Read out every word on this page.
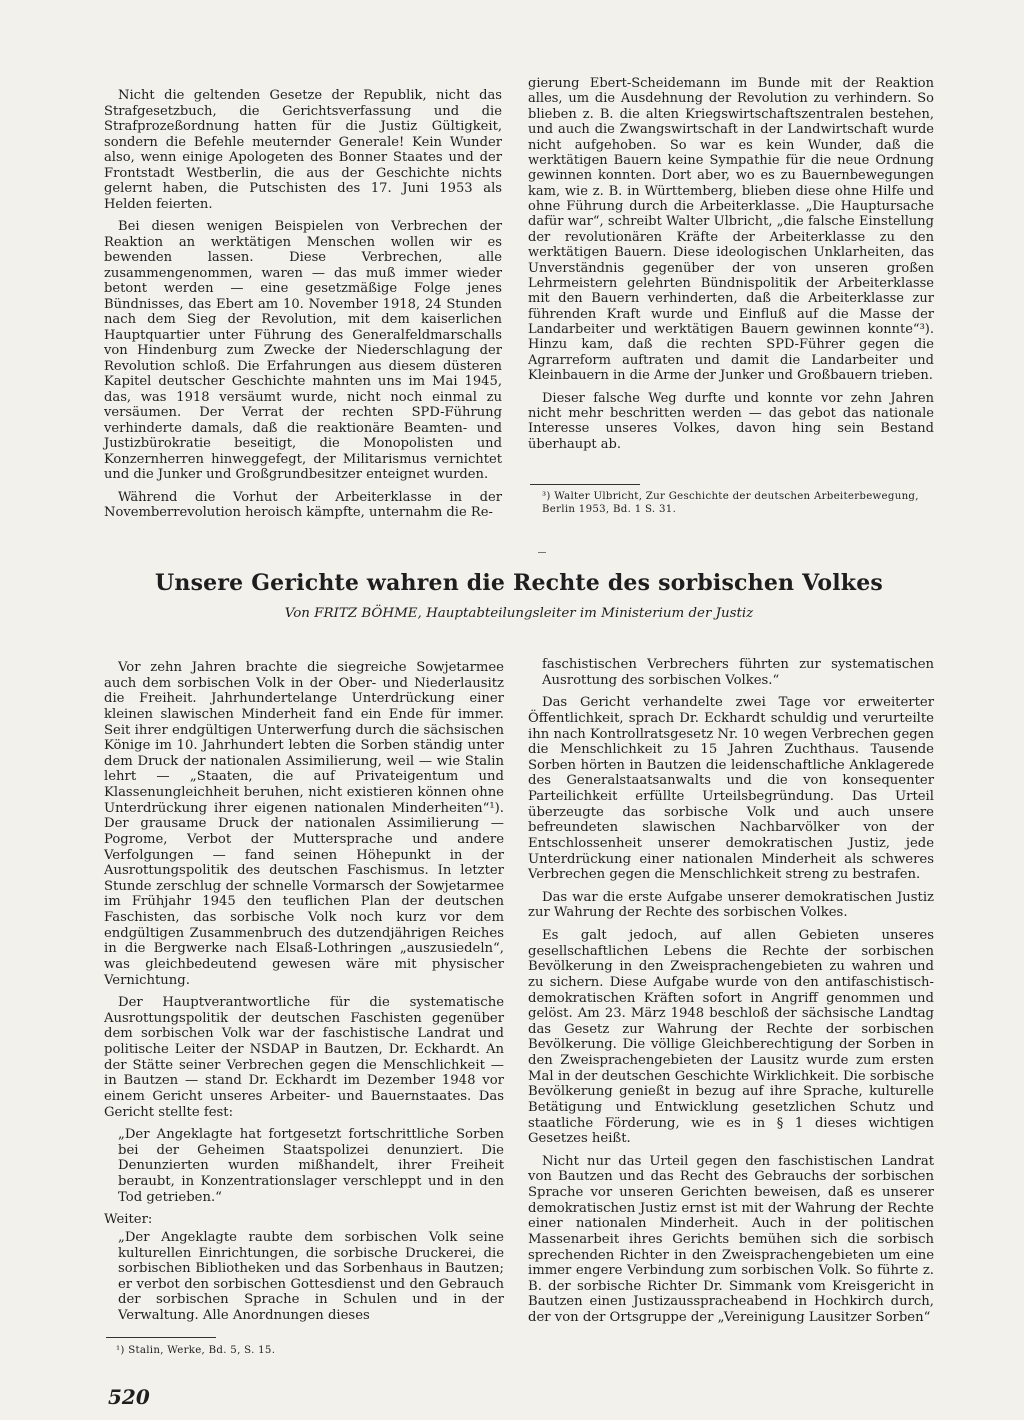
Nicht die geltenden Gesetze der Republik, nicht das Strafgesetzbuch, die Gerichtsverfassung und die Strafprozeßordnung hatten für die Justiz Gültigkeit, sondern die Befehle meuternder Generale! Kein Wunder also, wenn einige Apologeten des Bonner Staates und der Frontstadt Westberlin, die aus der Geschichte nichts gelernt haben, die Putschisten des 17. Juni 1953 als Helden feierten.

Bei diesen wenigen Beispielen von Verbrechen der Reaktion an werktätigen Menschen wollen wir es bewenden lassen. Diese Verbrechen, alle zusammengenommen, waren — das muß immer wieder betont werden — eine gesetzmäßige Folge jenes Bündnisses, das Ebert am 10. November 1918, 24 Stunden nach dem Sieg der Revolution, mit dem kaiserlichen Hauptquartier unter Führung des Generalfeldmarschalls von Hindenburg zum Zwecke der Niederschlagung der Revolution schloß. Die Erfahrungen aus diesem düsteren Kapitel deutscher Geschichte mahnten uns im Mai 1945, das, was 1918 versäumt wurde, nicht noch einmal zu versäumen. Der Verrat der rechten SPD-Führung verhinderte damals, daß die reaktionäre Beamten- und Justizbürokratie beseitigt, die Monopolisten und Konzernherren hinweggefegt, der Militarismus vernichtet und die Junker und Großgrundbesitzer enteignet wurden.

Während die Vorhut der Arbeiterklasse in der Novemberrevolution heroisch kämpfte, unternahm die Re-

gierung Ebert-Scheidemann im Bunde mit der Reaktion alles, um die Ausdehnung der Revolution zu verhindern. So blieben z. B. die alten Kriegswirtschaftszentralen bestehen, und auch die Zwangswirtschaft in der Landwirtschaft wurde nicht aufgehoben. So war es kein Wunder, daß die werktätigen Bauern keine Sympathie für die neue Ordnung gewinnen konnten. Dort aber, wo es zu Bauernbewegungen kam, wie z. B. in Württemberg, blieben diese ohne Hilfe und ohne Führung durch die Arbeiterklasse. „Die Hauptursache dafür war“, schreibt Walter Ulbricht, „die falsche Einstellung der revolutionären Kräfte der Arbeiterklasse zu den werktätigen Bauern. Diese ideologischen Unklarheiten, das Unverständnis gegenüber der von unseren großen Lehrmeistern gelehrten Bündnispolitik der Arbeiterklasse mit den Bauern verhinderten, daß die Arbeiterklasse zur führenden Kraft wurde und Einfluß auf die Masse der Landarbeiter und werktätigen Bauern gewinnen konnte“³). Hinzu kam, daß die rechten SPD-Führer gegen die Agrarreform auftraten und damit die Landarbeiter und Kleinbauern in die Arme der Junker und Großbauern trieben.

Dieser falsche Weg durfte und konnte vor zehn Jahren nicht mehr beschritten werden — das gebot das nationale Interesse unseres Volkes, davon hing sein Bestand überhaupt ab.

³) Walter Ulbricht, Zur Geschichte der deutschen Arbeiterbewegung, Berlin 1953, Bd. 1 S. 31.
Unsere Gerichte wahren die Rechte des sorbischen Volkes
Von FRITZ BÖHME, Hauptabteilungsleiter im Ministerium der Justiz

Vor zehn Jahren brachte die siegreiche Sowjetarmee auch dem sorbischen Volk in der Ober- und Niederlausitz die Freiheit. Jahrhundertelange Unterdrückung einer kleinen slawischen Minderheit fand ein Ende für immer. Seit ihrer endgültigen Unterwerfung durch die sächsischen Könige im 10. Jahrhundert lebten die Sorben ständig unter dem Druck der nationalen Assimilierung, weil — wie Stalin lehrt — „Staaten, die auf Privateigentum und Klassenungleichheit beruhen, nicht existieren können ohne Unterdrückung ihrer eigenen nationalen Minderheiten“¹). Der grausame Druck der nationalen Assimilierung — Pogrome, Verbot der Muttersprache und andere Verfolgungen — fand seinen Höhepunkt in der Ausrottungspolitik des deutschen Faschismus. In letzter Stunde zerschlug der schnelle Vormarsch der Sowjetarmee im Frühjahr 1945 den teuflichen Plan der deutschen Faschisten, das sorbische Volk noch kurz vor dem endgültigen Zusammenbruch des dutzendjährigen Reiches in die Bergwerke nach Elsaß-Lothringen „auszusiedeln“, was gleichbedeutend gewesen wäre mit physischer Vernichtung.

Der Hauptverantwortliche für die systematische Ausrottungspolitik der deutschen Faschisten gegenüber dem sorbischen Volk war der faschistische Landrat und politische Leiter der NSDAP in Bautzen, Dr. Eckhardt. An der Stätte seiner Verbrechen gegen die Menschlichkeit — in Bautzen — stand Dr. Eckhardt im Dezember 1948 vor einem Gericht unseres Arbeiter- und Bauernstaates. Das Gericht stellte fest:

„Der Angeklagte hat fortgesetzt fortschrittliche Sorben bei der Geheimen Staatspolizei denunziert. Die Denunzierten wurden mißhandelt, ihrer Freiheit beraubt, in Konzentrationslager verschleppt und in den Tod getrieben.“

Weiter:

„Der Angeklagte raubte dem sorbischen Volk seine kulturellen Einrichtungen, die sorbische Druckerei, die sorbischen Bibliotheken und das Sorbenhaus in Bautzen; er verbot den sorbischen Gottesdienst und den Gebrauch der sorbischen Sprache in Schulen und in der Verwaltung. Alle Anordnungen dieses

¹) Stalin, Werke, Bd. 5, S. 15.

faschistischen Verbrechers führten zur systematischen Ausrottung des sorbischen Volkes.“

Das Gericht verhandelte zwei Tage vor erweiterter Öffentlichkeit, sprach Dr. Eckhardt schuldig und verurteilte ihn nach Kontrollratsgesetz Nr. 10 wegen Verbrechen gegen die Menschlichkeit zu 15 Jahren Zuchthaus. Tausende Sorben hörten in Bautzen die leidenschaftliche Anklagerede des Generalstaatsanwalts und die von konsequenter Parteilichkeit erfüllte Urteilsbegründung. Das Urteil überzeugte das sorbische Volk und auch unsere befreundeten slawischen Nachbarvölker von der Entschlossenheit unserer demokratischen Justiz, jede Unterdrückung einer nationalen Minderheit als schweres Verbrechen gegen die Menschlichkeit streng zu bestrafen.

Das war die erste Aufgabe unserer demokratischen Justiz zur Wahrung der Rechte des sorbischen Volkes.

Es galt jedoch, auf allen Gebieten unseres gesellschaftlichen Lebens die Rechte der sorbischen Bevölkerung in den Zweisprachengebieten zu wahren und zu sichern. Diese Aufgabe wurde von den antifaschistisch-demokratischen Kräften sofort in Angriff genommen und gelöst. Am 23. März 1948 beschloß der sächsische Landtag das Gesetz zur Wahrung der Rechte der sorbischen Bevölkerung. Die völlige Gleichberechtigung der Sorben in den Zweisprachengebieten der Lausitz wurde zum ersten Mal in der deutschen Geschichte Wirklichkeit. Die sorbische Bevölkerung genießt in bezug auf ihre Sprache, kulturelle Betätigung und Entwicklung gesetzlichen Schutz und staatliche Förderung, wie es in § 1 dieses wichtigen Gesetzes heißt.

Nicht nur das Urteil gegen den faschistischen Landrat von Bautzen und das Recht des Gebrauchs der sorbischen Sprache vor unseren Gerichten beweisen, daß es unserer demokratischen Justiz ernst ist mit der Wahrung der Rechte einer nationalen Minderheit. Auch in der politischen Massenarbeit ihres Gerichts bemühen sich die sorbisch sprechenden Richter in den Zweisprachengebieten um eine immer engere Verbindung zum sorbischen Volk. So führte z. B. der sorbische Richter Dr. Simmank vom Kreisgericht in Bautzen einen Justizaussprachеabend in Hochkirch durch, der von der Ortsgruppe der „Vereinigung Lausitzer Sorben“

520
